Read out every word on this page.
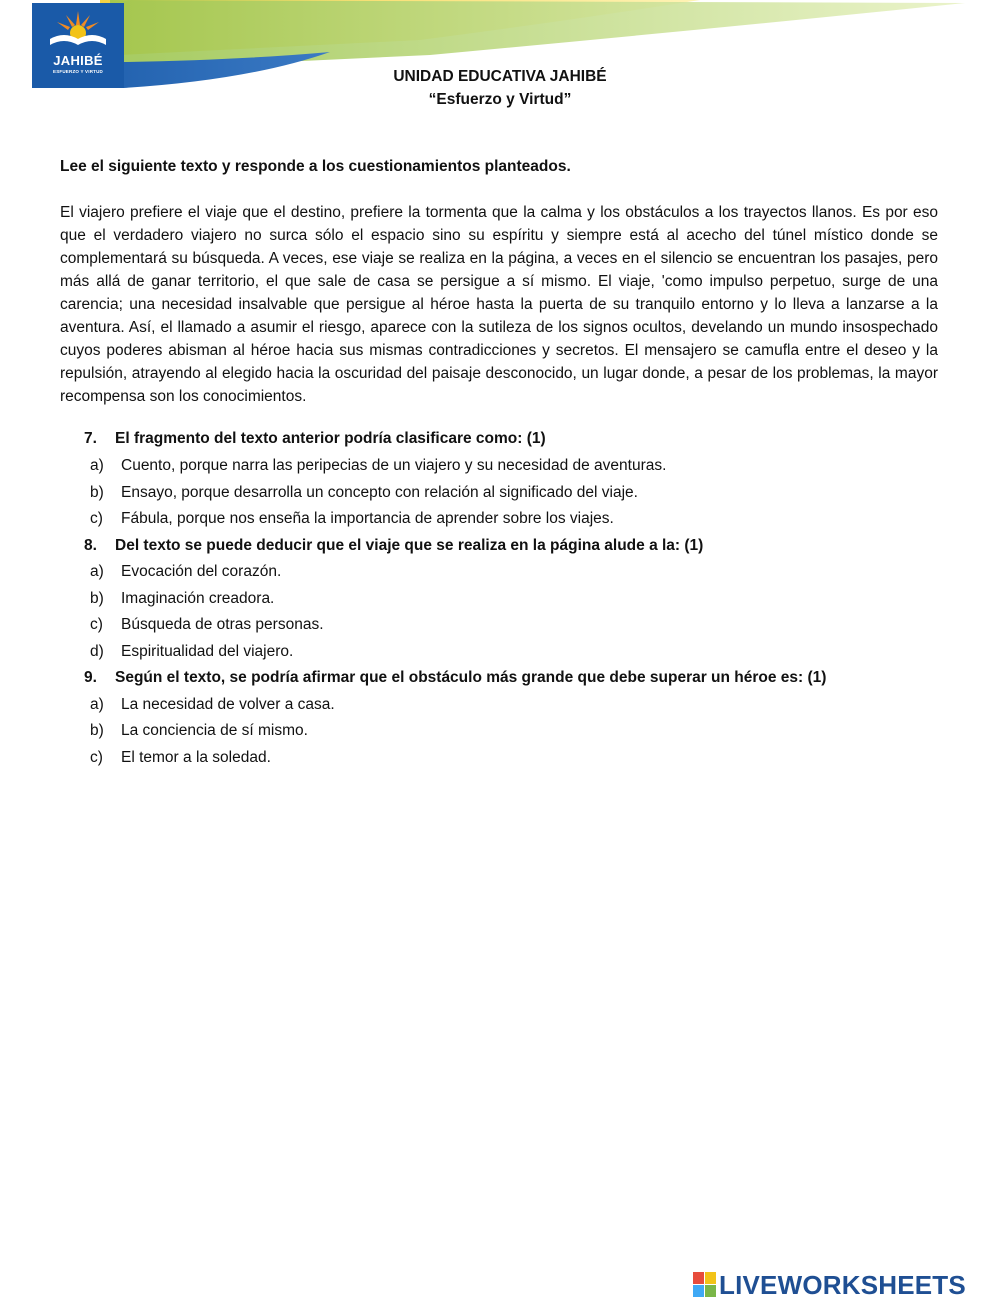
JAHIBÉ
ESFUERZO Y VIRTUD	UNIDAD EDUCATIVA JAHIBÉ
“Esfuerzo y Virtud”
Lee el siguiente texto y responde a los cuestionamientos planteados.

El viajero prefiere el viaje que el destino, prefiere la tormenta que la calma y los obstáculos a los trayectos llanos. Es por eso que el verdadero viajero no surca sólo el espacio sino su espíritu y siempre está al acecho del túnel místico donde se complementará su búsqueda. A veces, ese viaje se realiza en la página, a veces en el silencio se encuentran los pasajes, pero más allá de ganar territorio, el que sale de casa se persigue a sí mismo. El viaje, 'como impulso perpetuo, surge de una carencia; una necesidad insalvable que persigue al héroe hasta la puerta de su tranquilo entorno y lo lleva a lanzarse a la aventura. Así, el llamado a asumir el riesgo, aparece con la sutileza de los signos ocultos, develando un mundo insospechado cuyos poderes abisman al héroe hacia sus mismas contradicciones y secretos. El mensajero se camufla entre el deseo y la repulsión, atrayendo al elegido hacia la oscuridad del paisaje desconocido, un lugar donde, a pesar de los problemas, la mayor recompensa son los conocimientos.

7. El fragmento del texto anterior podría clasificare como: (1)
a) Cuento, porque narra las peripecias de un viajero y su necesidad de aventuras.
b) Ensayo, porque desarrolla un concepto con relación al significado del viaje.
c) Fábula, porque nos enseña la importancia de aprender sobre los viajes.
8. Del texto se puede deducir que el viaje que se realiza en la página alude a la: (1)
a) Evocación del corazón.
b) Imaginación creadora.
c) Búsqueda de otras personas.
d) Espiritualidad del viajero.
9. Según el texto, se podría afirmar que el obstáculo más grande que debe superar un héroe es: (1)
a) La necesidad de volver a casa.
b) La conciencia de sí mismo.
c) El temor a la soledad.
LIVEWORKSHEETS
